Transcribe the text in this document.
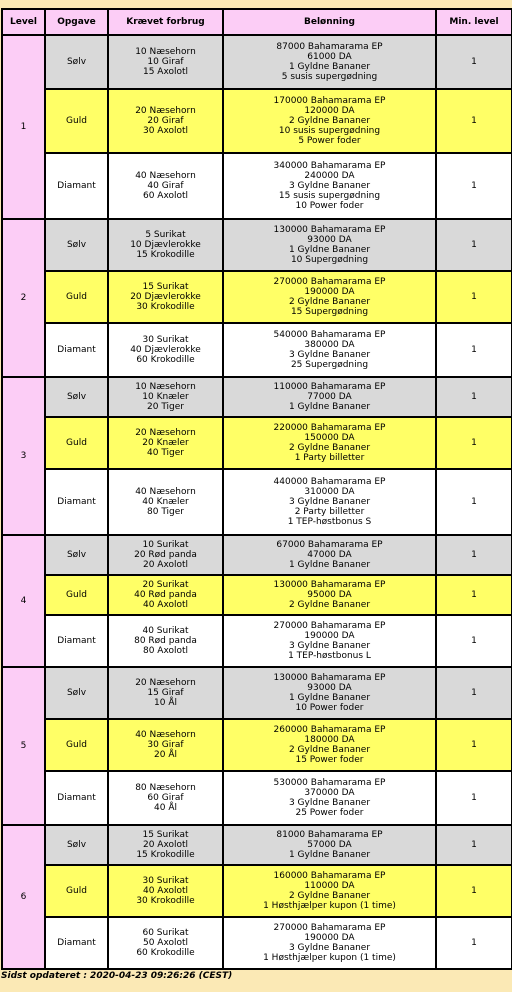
Level	Opgave	Krævet forbrug	Belønning	Min. level
1	Sølv	10 Næsehorn
10 Giraf
15 Axolotl	87000 Bahamarama EP
61000 DA
1 Gyldne Bananer
5 susis supergødning	1
	Guld	20 Næsehorn
20 Giraf
30 Axolotl	170000 Bahamarama EP
120000 DA
2 Gyldne Bananer
10 susis supergødning
5 Power foder	1
	Diamant	40 Næsehorn
40 Giraf
60 Axolotl	340000 Bahamarama EP
240000 DA
3 Gyldne Bananer
15 susis supergødning
10 Power foder	1
2	Sølv	5 Surikat
10 Djævlerokke
15 Krokodille	130000 Bahamarama EP
93000 DA
1 Gyldne Bananer
10 Supergødning	1
	Guld	15 Surikat
20 Djævlerokke
30 Krokodille	270000 Bahamarama EP
190000 DA
2 Gyldne Bananer
15 Supergødning	1
	Diamant	30 Surikat
40 Djævlerokke
60 Krokodille	540000 Bahamarama EP
380000 DA
3 Gyldne Bananer
25 Supergødning	1
3	Sølv	10 Næsehorn
10 Knæler
20 Tiger	110000 Bahamarama EP
77000 DA
1 Gyldne Bananer	1
	Guld	20 Næsehorn
20 Knæler
40 Tiger	220000 Bahamarama EP
150000 DA
2 Gyldne Bananer
1 Party billetter	1
	Diamant	40 Næsehorn
40 Knæler
80 Tiger	440000 Bahamarama EP
310000 DA
3 Gyldne Bananer
2 Party billetter
1 TEP-høstbonus S	1
4	Sølv	10 Surikat
20 Rød panda
20 Axolotl	67000 Bahamarama EP
47000 DA
1 Gyldne Bananer	1
	Guld	20 Surikat
40 Rød panda
40 Axolotl	130000 Bahamarama EP
95000 DA
2 Gyldne Bananer	1
	Diamant	40 Surikat
80 Rød panda
80 Axolotl	270000 Bahamarama EP
190000 DA
3 Gyldne Bananer
1 TEP-høstbonus L	1
5	Sølv	20 Næsehorn
15 Giraf
10 Ål	130000 Bahamarama EP
93000 DA
1 Gyldne Bananer
10 Power foder	1
	Guld	40 Næsehorn
30 Giraf
20 Ål	260000 Bahamarama EP
180000 DA
2 Gyldne Bananer
15 Power foder	1
	Diamant	80 Næsehorn
60 Giraf
40 Ål	530000 Bahamarama EP
370000 DA
3 Gyldne Bananer
25 Power foder	1
6	Sølv	15 Surikat
20 Axolotl
15 Krokodille	81000 Bahamarama EP
57000 DA
1 Gyldne Bananer	1
	Guld	30 Surikat
40 Axolotl
30 Krokodille	160000 Bahamarama EP
110000 DA
2 Gyldne Bananer
1 Høsthjælper kupon (1 time)	1
	Diamant	60 Surikat
50 Axolotl
60 Krokodille	270000 Bahamarama EP
190000 DA
3 Gyldne Bananer
1 Høsthjælper kupon (1 time)	1
Sidst opdateret : 2020-04-23 09:26:26 (CEST)
